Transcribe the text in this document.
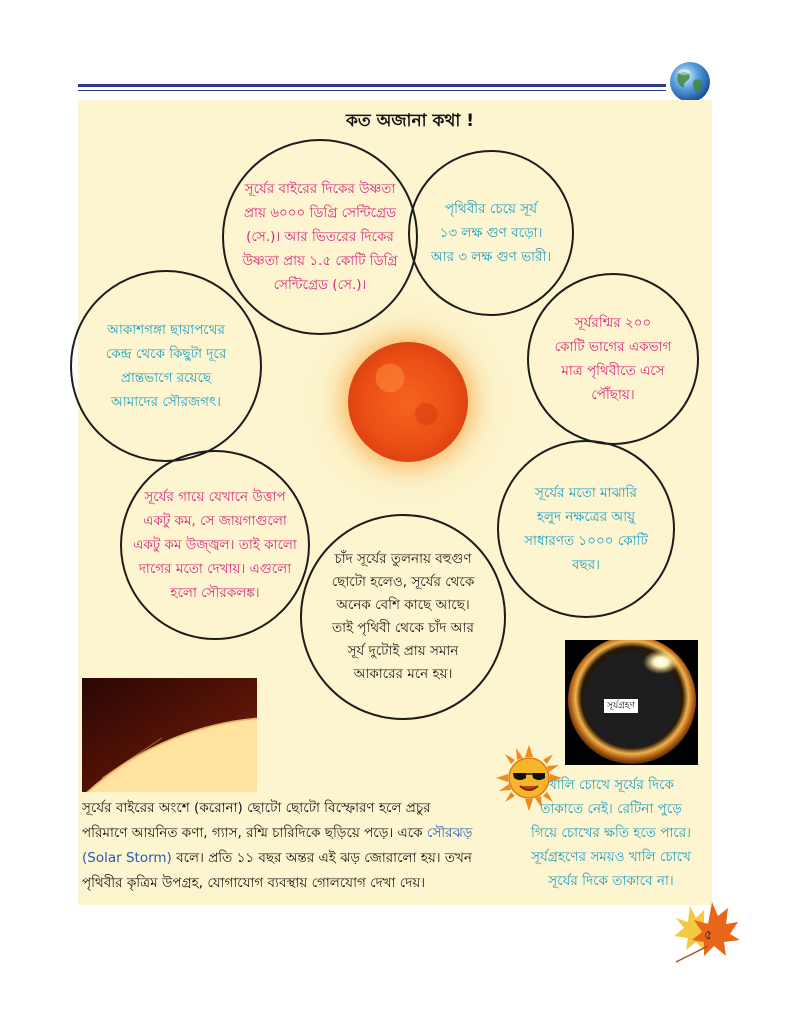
কত অজানা কথা !
সূর্যের বাইরের দিকের উষ্ণতা
প্রায় ৬০০০ ডিগ্রি সেন্টিগ্রেড
(সে.)। আর ভিতরের দিকের
উষ্ণতা প্রায় ১.৫ কোটি ডিগ্রি
সেন্টিগ্রেড (সে.)।
পৃথিবীর চেয়ে সূর্য
১৩ লক্ষ গুণ বড়ো।
আর ৩ লক্ষ গুণ ভারী।
সূর্যরশ্মির ২০০
কোটি ভাগের একভাগ
মাত্র পৃথিবীতে এসে
পৌঁছায়।
আকাশগঙ্গা ছায়াপথের
কেন্দ্র থেকে কিছুটা দূরে
প্রান্তভাগে রয়েছে
আমাদের সৌরজগৎ।
সূর্যের মতো মাঝারি
হলুদ নক্ষত্রের আয়ু
সাধারণত ১০০০ কোটি
বছর।
সূর্যের গায়ে যেখানে উত্তাপ
একটু কম, সে জায়গাগুলো
একটু কম উজ্জ্বল। তাই কালো
দাগের মতো দেখায়। এগুলো
হলো সৌরকলঙ্ক।
চাঁদ সূর্যের তুলনায় বহুগুণ
ছোটো হলেও, সূর্যের থেকে
অনেক বেশি কাছে আছে।
তাই পৃথিবী থেকে চাঁদ আর
সূর্য দুটোই প্রায় সমান
আকারের মনে হয়।
সূর্যগ্রহণ
খালি চোখে সূর্যের দিকে
তাকাতে নেই। রেটিনা পুড়ে
গিয়ে চোখের ক্ষতি হতে পারে।
সূর্যগ্রহণের সময়ও খালি চোখে
সূর্যের দিকে তাকাবে না।
সূর্যের বাইরের অংশে (করোনা) ছোটো ছোটো বিস্ফোরণ হলে প্রচুর
পরিমাণে আয়নিত কণা, গ্যাস, রশ্মি চারিদিকে ছড়িয়ে পড়ে। একে সৌরঝড়
(Solar Storm) বলে। প্রতি ১১ বছর অন্তর এই ঝড় জোরালো হয়। তখন
পৃথিবীর কৃত্রিম উপগ্রহ, যোগাযোগ ব্যবস্থায় গোলযোগ দেখা দেয়।
৫
